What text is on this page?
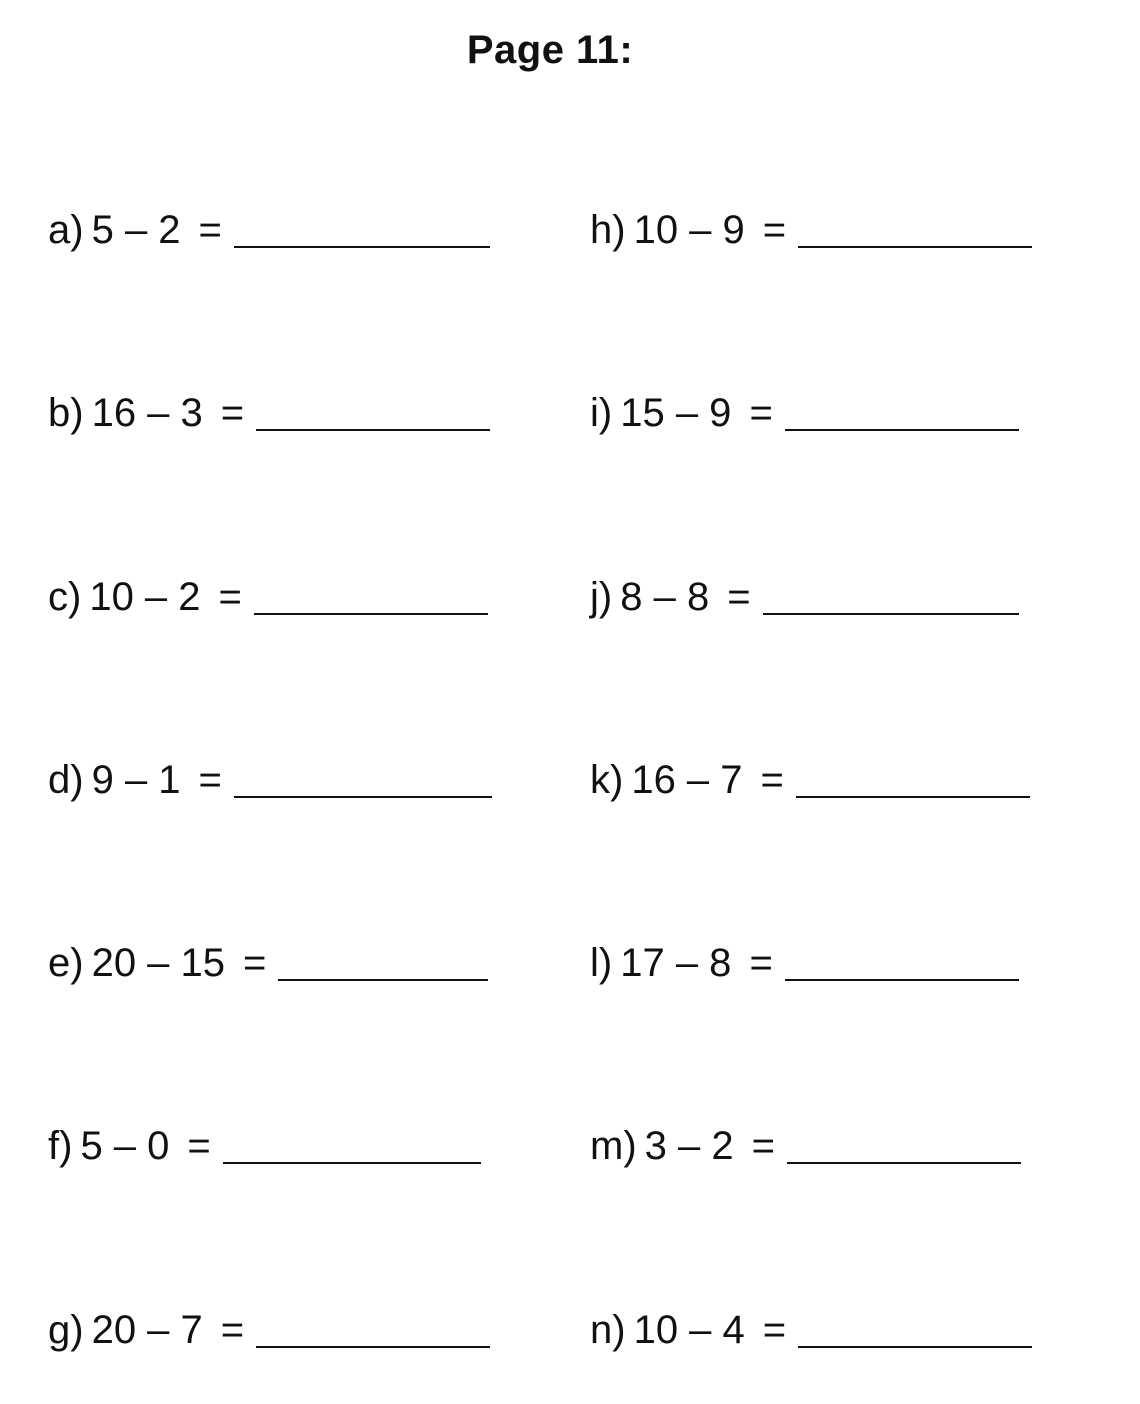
Page 11:
a) 5 – 2 =
b) 16 – 3 =
c) 10 – 2 =
d) 9 – 1 =
e) 20 – 15 =
f) 5 – 0 =
g) 20 – 7 =
h) 10 – 9 =
i) 15 – 9 =
j) 8 – 8 =
k) 16 – 7 =
l) 17 – 8 =
m) 3 – 2 =
n) 10 – 4 =
